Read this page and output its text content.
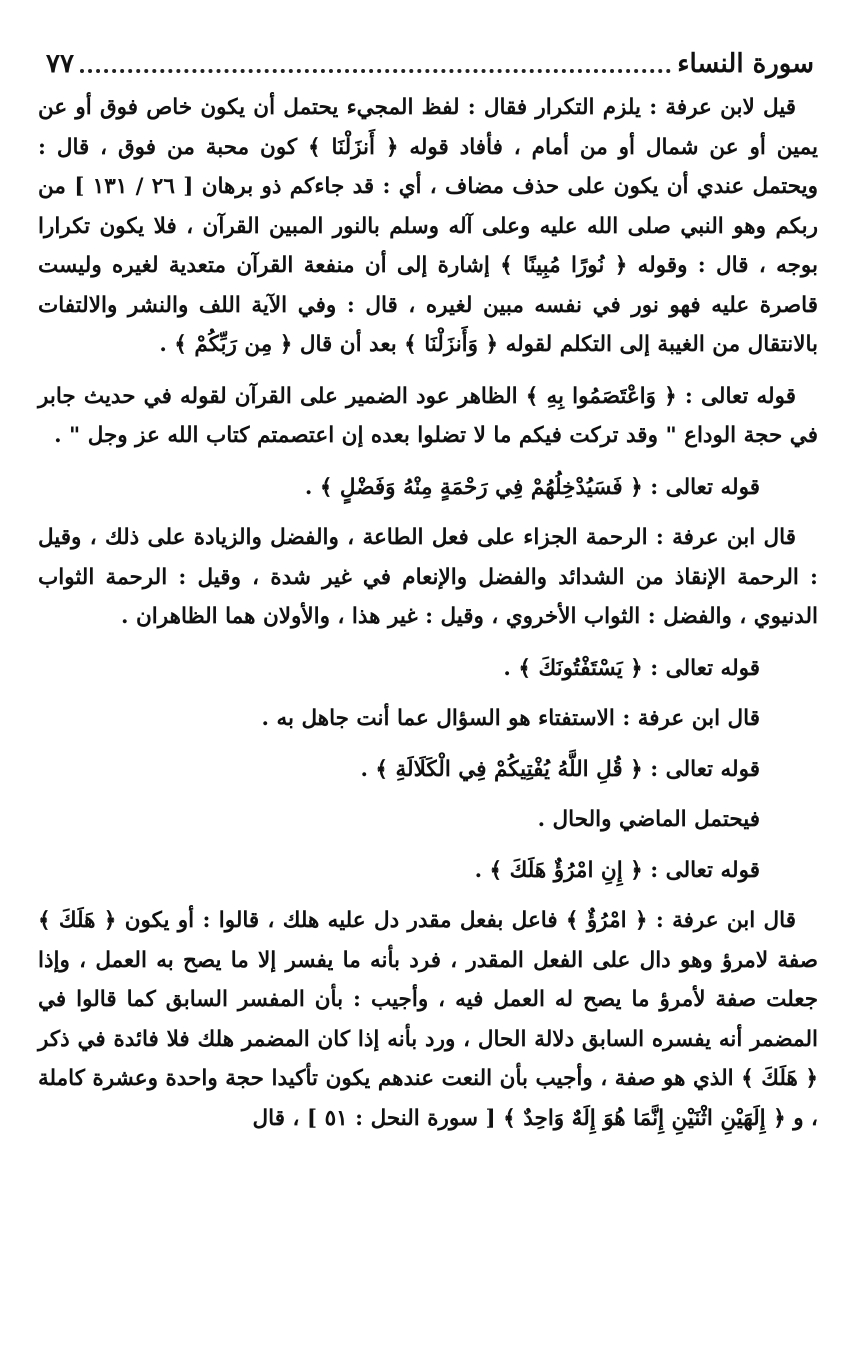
سورة النساء
٧٧

قيل لابن عرفة : يلزم التكرار فقال : لفظ المجيء يحتمل أن يكون خاص فوق أو عن يمين أو عن شمال أو من أمام ، فأفاد قوله ﴿ أَنزَلْنَا ﴾ كون محبة من فوق ، قال : ويحتمل عندي أن يكون على حذف مضاف ، أي : قد جاءكم ذو برهان [ ٢٦ / ١٣١ ] من ربكم وهو النبي صلى الله عليه وعلى آله وسلم بالنور المبين القرآن ، فلا يكون تكرارا بوجه ، قال : وقوله ﴿ نُورًا مُبِينًا ﴾ إشارة إلى أن منفعة القرآن متعدية لغيره وليست قاصرة عليه فهو نور في نفسه مبين لغيره ، قال : وفي الآية اللف والنشر والالتفات بالانتقال من الغيبة إلى التكلم لقوله ﴿ وَأَنزَلْنَا ﴾ بعد أن قال ﴿ مِن رَبِّكُمْ ﴾ .

قوله تعالى : ﴿ وَاعْتَصَمُوا بِهِ ﴾ الظاهر عود الضمير على القرآن لقوله في حديث جابر في حجة الوداع " وقد تركت فيكم ما لا تضلوا بعده إن اعتصمتم كتاب الله عز وجل " .

قوله تعالى : ﴿ فَسَيُدْخِلُهُمْ فِي رَحْمَةٍ مِنْهُ وَفَضْلٍ ﴾ .

قال ابن عرفة : الرحمة الجزاء على فعل الطاعة ، والفضل والزيادة على ذلك ، وقيل : الرحمة الإنقاذ من الشدائد والفضل والإنعام في غير شدة ، وقيل : الرحمة الثواب الدنيوي ، والفضل : الثواب الأخروي ، وقيل : غير هذا ، والأولان هما الظاهران .

قوله تعالى : ﴿ يَسْتَفْتُونَكَ ﴾ .

قال ابن عرفة : الاستفتاء هو السؤال عما أنت جاهل به .

قوله تعالى : ﴿ قُلِ اللَّهُ يُفْتِيكُمْ فِي الْكَلَالَةِ ﴾ .

فيحتمل الماضي والحال .

قوله تعالى : ﴿ إِنِ امْرُؤٌ هَلَكَ ﴾ .

قال ابن عرفة : ﴿ امْرُؤٌ ﴾ فاعل بفعل مقدر دل عليه هلك ، قالوا : أو يكون ﴿ هَلَكَ ﴾ صفة لامرؤ وهو دال على الفعل المقدر ، فرد بأنه ما يفسر إلا ما يصح به العمل ، وإذا جعلت صفة لأمرؤ ما يصح له العمل فيه ، وأجيب : بأن المفسر السابق كما قالوا في المضمر أنه يفسره السابق دلالة الحال ، ورد بأنه إذا كان المضمر هلك فلا فائدة في ذكر ﴿ هَلَكَ ﴾ الذي هو صفة ، وأجيب بأن النعت عندهم يكون تأكيدا حجة واحدة وعشرة كاملة ، و ﴿ إِلَهَيْنِ اثْنَيْنِ إِنَّمَا هُوَ إِلَهٌ وَاحِدٌ ﴾ [ سورة النحل : ٥١ ] ، قال
